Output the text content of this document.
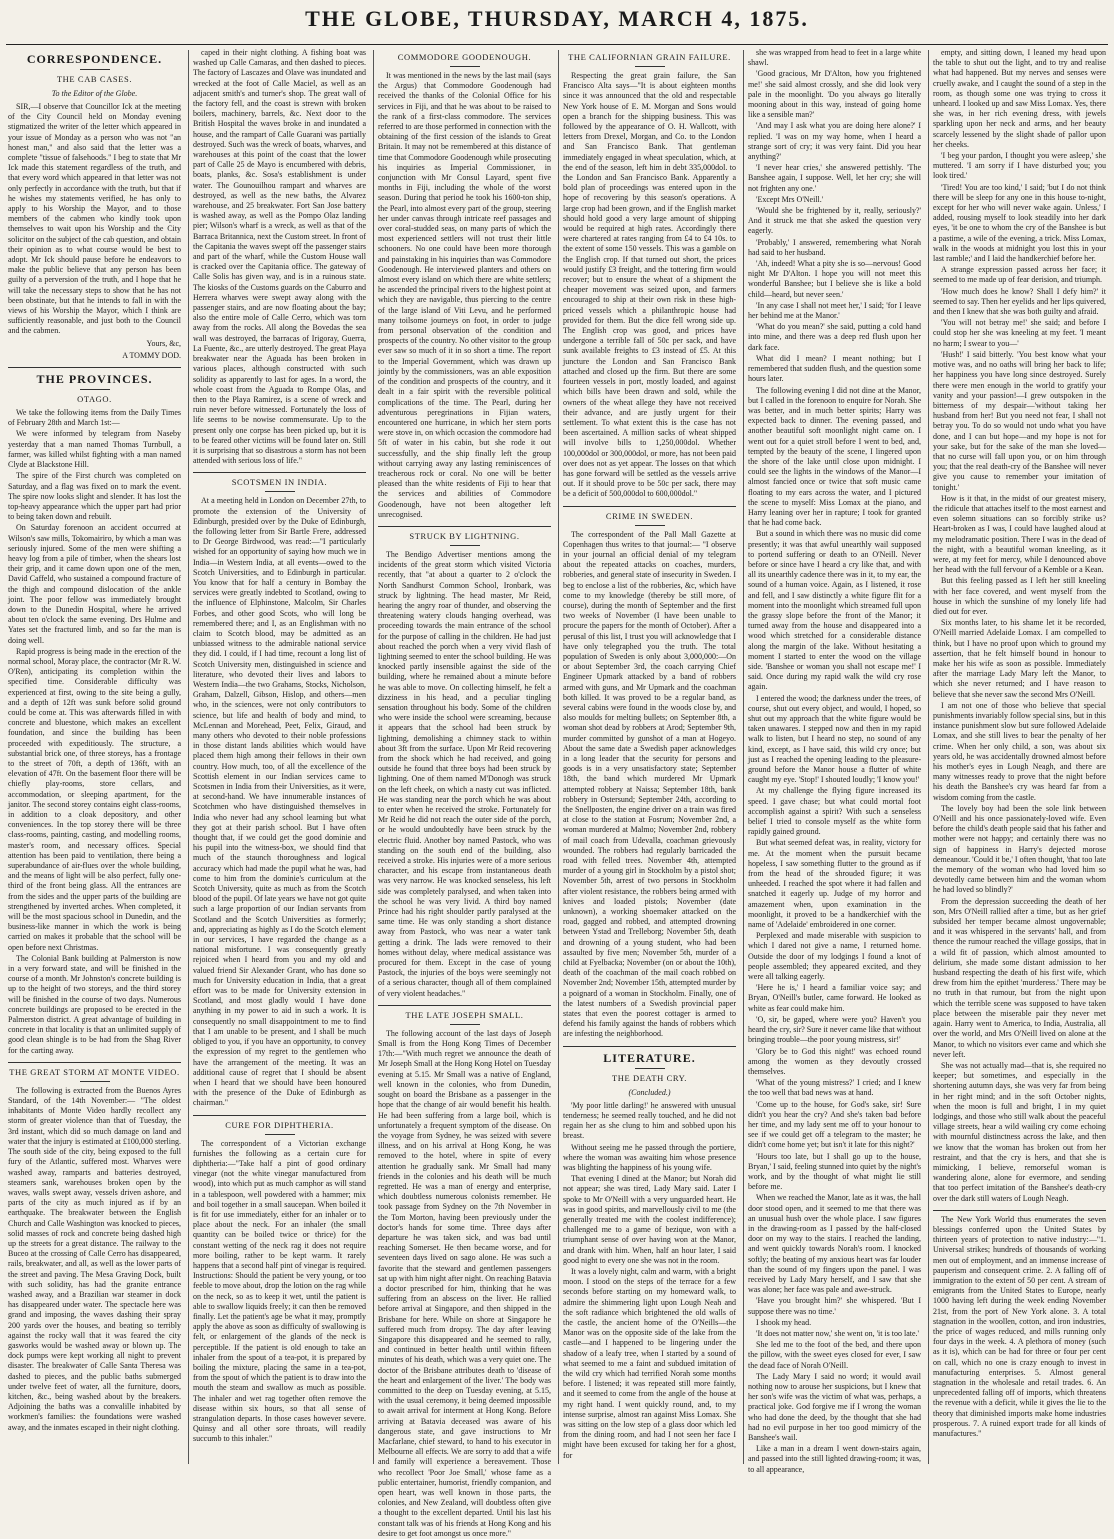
THE GLOBE, THURSDAY, MARCH 4, 1875.
CORRESPONDENCE.
THE CAB CASES.
To the Editor of the Globe.

SIR,—I observe that Councillor Ick at the meeting of the City Council held on Monday evening stigmatized the writer of the letter which appeared in your issue of Monday as a person who was not "an honest man," and also said that the letter was a complete "tissue of falsehoods." I beg to state that Mr Ick made this statement regardless of the truth, and that every word which appeared in that letter was not only perfectly in accordance with the truth, but that if he wishes my statements verified, he has only to apply to his Worship the Mayor, and to those members of the cabmen who kindly took upon themselves to wait upon his Worship and the City solicitor on the subject of the cab question, and obtain their opinion as to what course would be best to adopt. Mr Ick should pause before he endeavors to make the public believe that any person has been guilty of a perversion of the truth, and I hope that he will take the necessary steps to show that he has not been obstinate, but that he intends to fall in with the views of his Worship the Mayor, which I think are sufficiently reasonable, and just both to the Council and the cabmen.

Yours, &c,

A TOMMY DOD.

THE PROVINCES.
OTAGO.

We take the following items from the Daily Times of February 28th and March 1st:—

We were informed by telegram from Naseby yesterday that a man named Thomas Turnbull, a farmer, was killed whilst fighting with a man named Clyde at Blackstone Hill.

The spire of the First church was completed on Saturday, and a flag was fixed on to mark the event. The spire now looks slight and slender. It has lost the top-heavy appearance which the upper part had prior to being taken down and rebuilt.

On Saturday forenoon an accident occurred at Wilson's saw mills, Tokomairiro, by which a man was seriously injured. Some of the men were shifting a heavy log from a pile of timber, when the shears lost their grip, and it came down upon one of the men, David Caffeld, who sustained a compound fracture of the thigh and compound dislocation of the ankle joint. The poor fellow was immediately brought down to the Dunedin Hospital, where he arrived about ten o'clock the same evening. Drs Hulme and Yates set the fractured limb, and so far the man is doing well.

Rapid progress is being made in the erection of the normal school, Moray place, the contractor (Mr R. W. O'Ren), anticipating its completion within the specified time. Considerable difficulty was experienced at first, owing to the site being a gully, and a depth of 12ft was sunk before solid ground could be come at. This was afterwards filled in with concrete and bluestone, which makes an excellent foundation, and since the building has been proceeded with expeditiously. The structure, a substantial brick one, of three storeys, has a frontage to the street of 70ft, a depth of 136ft, with an elevation of 47ft. On the basement floor there will be chiefly play-rooms, store cellars, and accommodation, or sleeping apartment, for the janitor. The second storey contains eight class-rooms, in addition to a cloak depository, and other conveniences. In the top storey there will be three class-rooms, painting, casting, and modelling rooms, master's room, and necessary offices. Special attention has been paid to ventilation, there being a superabundance of air-flues over the whole building, and the means of light will be also perfect, fully one-third of the front being glass. All the entrances are from the sides and the upper parts of the building are strengthened by inverted arches. When completed, it will be the most spacious school in Dunedin, and the business-like manner in which the work is being carried on makes it probable that the school will be open before next Christmas.

The Colonial Bank building at Palmerston is now in a very forward state, and will be finished in the course of a month. Mr Johnston's concrete building is up to the height of two storeys, and the third storey will be finished in the course of two days. Numerous concrete buildings are proposed to be erected in the Palmerston district. A great advantage of building in concrete in that locality is that an unlimited supply of good clean shingle is to be had from the Shag River for the carting away.

THE GREAT STORM AT MONTE VIDEO.

The following is extracted from the Buenos Ayres Standard, of the 14th November:— "The oldest inhabitants of Monte Video hardly recollect any storm of greater violence than that of Tuesday, the 3rd instant, which did so much damage on land and water that the injury is estimated at £100,000 sterling. The south side of the city, being exposed to the full fury of the Atlantic, suffered most. Wharves were washed away, ramparts and batteries destroyed, steamers sank, warehouses broken open by the waves, walls swept away, vessels driven ashore, and parts of the city as much injured as if by an earthquake. The breakwater between the English Church and Calle Washington was knocked to pieces, solid masses of rock and concrete being dashed high up the streets for a great distance. The railway to the Buceo at the crossing of Calle Cerro has disappeared, rails, breakwater, and all, as well as the lower parts of the street and paving. The Mesa Graving Dock, built with such solidity, has had the granite entrance washed away, and a Brazilian war steamer in dock has disappeared under water. The spectacle here was grand and imposing, the waves dashing their spray 200 yards over the houses, and beating so terribly against the rocky wall that it was feared the city gasworks would be washed away or blown up. The dock pumps were kept working all night to prevent disaster. The breakwater of Calle Santa Theresa was dashed to pieces, and the public baths submerged under twelve feet of water, all the furniture, doors, kitchen, &c., being washed about by the breakers. Adjoining the baths was a convalille inhabited by workmen's families: the foundations were washed away, and the inmates escaped in their night clothing.

caped in their night clothing. A fishing boat was washed up Calle Camaras, and then dashed to pieces. The factory of Lascazes and Olave was inundated and wrecked at the foot of Calle Maciel, as well as an adjacent smith's and turner's shop. The great wall of the factory fell, and the coast is strewn with broken boilers, machinery, barrels, &c. Next door to the British Hospital the waves broke in and inundated a house, and the rampart of Calle Guarani was partially destroyed. Such was the wreck of boats, wharves, and warehouses at this point of the coast that the lower part of Calle 25 de Mayo is encumbered with debris, boats, planks, &c. Sosa's establishment is under water. The Gounouilhou rampart and wharves are destroyed, as well as the new baths, the Alvarez warehouse, and 25 breakwater. Fort San Jose battery is washed away, as well as the Pompo Olaz landing pier; Wilson's wharf is a wreck, as well as that of the Barraca Britannica, next the Custom street. In front of the Capitania the waves swept off the passenger stairs and part of the wharf, while the Custom House wall is cracked over the Capitania office. The gateway of Calle Solis has given way, and is in a ruinous state. The kiosks of the Customs guards on the Caburro and Herrera wharves were swept away along with the passenger stairs, and are now floating about the bay; also the entire mole of Calle Cerro, which was torn away from the rocks. All along the Bovedas the sea wall was destroyed, the barracas of Irigoray, Guerra, La Fuente, &c., are utterly destroyed. The great Playa breakwater near the Aguada has been broken in various places, although constructed with such solidity as apparently to last for ages. In a word, the whole coast from the Aguada to Rompe Olas, and then to the Playa Ramirez, is a scene of wreck and ruin never before witnessed. Fortunately the loss of life seems to be nowise commensurate. Up to the present only one corpse has been picked up, but it is to be feared other victims will be found later on. Still it is surprising that so disastrous a storm has not been attended with serious loss of life."

SCOTSMEN IN INDIA.

At a meeting held in London on December 27th, to promote the extension of the University of Edinburgh, presided over by the Duke of Edinburgh, the following letter from Sir Bartle Frere, addressed to Dr George Birdwood, was read:—"I particularly wished for an opportunity of saying how much we in India—in Western India, at all events—owed to the Scotch Universities, and to Edinburgh in particular. You know that for half a century in Bombay the services were greatly indebted to Scotland, owing to the influence of Elphinstone, Malcolm, Sir Charles Forbes, and other good Scots, who will long be remembered there; and I, as an Englishman with no claim to Scotch blood, may be admitted as an unbiassed witness to the admirable national service they did. I could, if I had time, recount a long list of Scotch University men, distinguished in science and literature, who devoted their lives and labors to Western India—the two Grahams, Stocks, Nicholson, Graham, Dalzell, Gibson, Hislop, and others—men who, in the sciences, were not only contributors to science, but life and health of body and mind, to McLennan and Morehead, Peet, Felix, Giraud, and many others who devoted to their noble professions in those distant lands abilities which would have placed them high among their fellows in their own country. How much, too, of all the excellence of the Scottish element in our Indian services came to Scotsmen in India from their Universities, as it were, at second-hand. We have innumerable instances of Scotchmen who have distinguished themselves in India who never had any school learning but what they got at their parish school. But I have often thought that, if we could get the good dominie and his pupil into the witness-box, we should find that much of the staunch thoroughness and logical accuracy which had made the pupil what he was, had come to him from the dominie's curriculum at the Scotch University, quite as much as from the Scotch blood of the pupil. Of late years we have not got quite such a large proportion of our Indian servants from Scotland and the Scotch Universities as formerly; and, appreciating as highly as I do the Scotch element in our services, I have regarded the change as a national misfortune. I was consequently greatly rejoiced when I heard from you and my old and valued friend Sir Alexander Grant, who has done so much for University education in India, that a great effort was to be made for University extension in Scotland, and most gladly would I have done anything in my power to aid in such a work. It is consequently no small disappointment to me to find that I am unable to be present, and I shall be much obliged to you, if you have an opportunity, to convey the expression of my regret to the gentlemen who have the arrangement of the meeting. It was an additional cause of regret that I should be absent when I heard that we should have been honoured with the presence of the Duke of Edinburgh as chairman."

CURE FOR DIPHTHERIA.

The correspondent of a Victorian exchange furnishes the following as a certain cure for diphtheria:—"Take half a pint of good ordinary vinegar (not the white vinegar manufactured from wood), into which put as much camphor as will stand in a tablespoon, well powdered with a hammer; mix and boil together in a small saucepan. When boiled it is fit for use immediately, either for an inhaler or to place about the neck. For an inhaler (the small quantity can be boiled twice or thrice) for the constant wetting of the neck rag it does not require more boiling, rather to be kept warm. It rarely happens that a second half pint of vinegar is required. Instructions: Should the patient be very young, or too feeble to move about, drop the lotion on the rag while on the neck, so as to keep it wet, until the patient is able to swallow liquids freely; it can then be removed finally. Let the patient's age be what it may, promptly apply the above as soon as difficulty of swallowing is felt, or enlargement of the glands of the neck is perceptible. If the patient is old enough to take an inhaler from the spout of a tea-pot, it is prepared by boiling the mixture, placing the same in a tea-pot, from the spout of which the patient is to draw into the mouth the steam and swallow as much as possible. The inhaler and wet rag together often remove the disease within six hours, so that all sense of strangulation departs. In those cases however severe. Quinsy and all other sore throats, will readily succumb to this inhaler."

COMMODORE GOODENOUGH.

It was mentioned in the news by the last mail (says the Argus) that Commodore Goodenough had received the thanks of the Colonial Office for his services in Fiji, and that he was about to be raised to the rank of a first-class commodore. The services referred to are those performed in connection with the obtaining of the first cession of the islands to Great Britain. It may not be remembered at this distance of time that Commodore Goodenough while prosecuting his inquiries as Imperial Commissioner, in conjunction with Mr Consul Layard, spent five months in Fiji, including the whole of the worst season. During that period he took his 1600-ton ship, the Pearl, into almost every part of the group, steering her under canvas through intricate reef passages and over coral-studded seas, on many parts of which the most experienced settlers will not trust their little schooners. No one could have been more thorough and painstaking in his inquiries than was Commodore Goodenough. He interviewed planters and others on almost every island on which there are white settlers; he ascended the principal rivers to the highest point at which they are navigable, thus piercing to the centre of the large island of Viti Levu, and he performed many toilsome journeys on foot, in order to judge from personal observation of the condition and prospects of the country. No other visitor to the group ever saw so much of it in so short a time. The report to the Imperial Government, which was drawn up jointly by the commissioners, was an able exposition of the condition and prospects of the country, and it dealt in a fair spirit with the reversible political complications of the time. The Pearl, during her adventurous peregrinations in Fijian waters, encountered one hurricane, in which her stern ports were stove in, on which occasion the commodore had 5ft of water in his cabin, but she rode it out successfully, and the ship finally left the group without carrying away any lasting reminiscences of treacherous rock or coral. No one will be better pleased than the white residents of Fiji to hear that the services and abilities of Commodore Goodenough, have not been altogether left unrecognised.

STRUCK BY LIGHTNING.

The Bendigo Advertiser mentions among the incidents of the great storm which visited Victoria recently, that "at about a quarter to 2 o'clock the North Sandhurst Common School, Ironbark, was struck by lightning. The head master, Mr Reid, hearing the angry roar of thunder, and observing the threatening watery clouds hanging overhead, was proceeding towards the main entrance of the school for the purpose of calling in the children. He had just about reached the porch when a very vivid flash of lightning seemed to enter the school building. He was knocked partly insensible against the side of the building, where he remained about a minute before he was able to move. On collecting himself, he felt a dizziness in his head, and a peculiar tingling sensation throughout his body. Some of the children who were inside the school were screaming, because it appears that the school had been struck by lightning, demolishing a chimney stack to within about 3ft from the surface. Upon Mr Reid recovering from the shock which he had received, and going outside he found that three boys had been struck by lightning. One of them named M'Donogh was struck on the left cheek, on which a nasty cut was inflicted. He was standing near the porch which he was about to enter when he received the stroke. Fortunately for Mr Reid he did not reach the outer side of the porch, or he would undoubtedly have been struck by the electric fluid. Another boy named Pastock, who was standing on the south end of the building, also received a stroke. His injuries were of a more serious character, and his escape from instantaneous death was very narrow. He was knocked senseless, his left side was completely paralysed, and when taken into the school he was very livid. A third boy named Prince had his right shoulder partly paralysed at the same time. He was only standing a short distance away from Pastock, who was near a water tank getting a drink. The lads were removed to their homes without delay, where medical assistance was procured for them. Except in the case of young Pastock, the injuries of the boys were seemingly not of a serious character, though all of them complained of very violent headaches."

THE LATE JOSEPH SMALL.

The following account of the last days of Joseph Small is from the Hong Kong Times of December 17th:—"With much regret we announce the death of Mr Joseph Small at the Hong Kong Hotel on Tuesday evening at 5.15. Mr Small was a native of England, well known in the colonies, who from Dunedin, sought on board the Brisbane as a passenger in the hope that the change of air would benefit his health. He had been suffering from a large boil, which is unfortunately a frequent symptom of the disease. On the voyage from Sydney, he was seized with severe illness, and on his arrival at Hong Kong, he was removed to the hotel, where in spite of every attention he gradually sank. Mr Small had many friends in the colonies and his death will be much regretted. He was a man of energy and enterprise, which doubtless numerous colonists remember. He took passage from Sydney on the 7th November in the Tom Morton, having been previously under the doctor's hands for some time. Three days after departure he was taken sick, and was bad until reaching Somerset. He then became worse, and for seventeen days lived on sago alone. He was such a favorite that the steward and gentlemen passengers sat up with him night after night. On reaching Batavia a doctor prescribed for him, thinking that he was suffering from an abscess on the liver. He rallied before arrival at Singapore, and then shipped in the Brisbane for here. While on shore at Singapore he suffered much from dropsy. The day after leaving Singapore this disappeared and he seemed to rally, and continued in better health until within fifteen minutes of his death, which was a very quiet one. The doctor of the Brisbane attributes death to 'disease of the heart and enlargement of the liver.' The body was committed to the deep on Tuesday evening, at 5.15, with the usual ceremony, it being deemed impossible to await arrival for interment at Hong Kong. Before arriving at Batavia deceased was aware of his dangerous state, and gave instructions to Mr Macfarlane, chief steward, to hand to his executor in Melbourne all effects. We are sorry to add that a wife and family will experience a bereavement. Those who recollect 'Poor Joe Small,' whose fame as a public entertainer, humorist, friendly companion, and open heart, was well known in those parts, the colonies, and New Zealand, will doubtless often give a thought to the excellent departed. Until his last his constant talk was of his friends at Hong Kong and his desire to get foot amongst us once more."

THE CALIFORNIAN GRAIN FAILURE.

Respecting the great grain failure, the San Francisco Alta says—"It is about eighteen months since it was announced that the old and respectable New York house of E. M. Morgan and Sons would open a branch for the shipping business. This was followed by the appearance of O. H. Wallcott, with letters from Drexel, Morgan, and Co. to the London and San Francisco Bank. That gentleman immediately engaged in wheat speculation, which, at the end of the season, left him in debt 335,000dol. to the London and San Francisco Bank. Apparently a bold plan of proceedings was entered upon in the hope of recovering by this season's operations. A large crop had been grown, and if the English market should hold good a very large amount of shipping would be required at high rates. Accordingly there were chartered at rates ranging from £4 to £4 10s. to the extent of some 150 vessels. This was a gamble on the English crop. If that turned out short, the prices would justify £3 freight, and the tottering firm would recover; but to ensure the wheat of a shipment the cheaper movement was seized upon, and farmers encouraged to ship at their own risk in these high-priced vessels which a philanthropic house had provided for them. But the dice fell wrong side up. The English crop was good, and prices have undergone a terrible fall of 50c per sack, and have sunk available freights to £3 instead of £5. At this juncture the London and San Francisco Bank attached and closed up the firm. But there are some fourteen vessels in port, mostly loaded, and against which bills have been drawn and sold, while the owners of the wheat allege they have not received their advance, and are justly urgent for their settlement. To what extent this is the case has not been ascertained. A million sacks of wheat shipped will involve bills to 1,250,000dol. Whether 100,000dol or 300,000dol, or more, has not been paid over does not as yet appear. The losses on that which has gone forward will be settled as the vessels arrive out. If it should prove to be 50c per sack, there may be a deficit of 500,000dol to 600,000dol."

CRIME IN SWEDEN.

The correspondent of the Pall Mall Gazette at Copenhagen thus writes to that journal:— "I observe in your journal an official denial of my telegram about the repeated attacks on coaches, murders, robberies, and general state of insecurity in Sweden. I beg to enclose a list of the robberies, &c, which have come to my knowledge (thereby be still more, of course), during the month of September and the first two weeks of November (I have been unable to procure the papers for the month of October). After a perusal of this list, I trust you will acknowledge that I have only telegraphed you the truth. The total population of Sweden is only about 3,000,000:—On or about September 3rd, the coach carrying Chief Engineer Upmark attacked by a band of robbers armed with guns, and Mr Upmark and the coachman both killed. It was proved to be a regular band, as several cabins were found in the woods close by, and also moulds for melting bullets; on September 8th, a woman shot dead by robbers at Arod; September 9th, murder committed by gunshot of a man at Hogeyo. About the same date a Swedish paper acknowledges in a long leader that the security for persons and goods is in a very unsatisfactory state; September 18th, the band which murdered Mr Upmark attempted robbery at Naissa; September 18th, bank robbery in Ostersund; September 24th, according to the Snellposten, the engine driver on a train was fired at close to the station at Fosrum; November 2nd, a woman murdered at Malmo; November 2nd, robbery of mail coach from Udevalla, coachman grievously wounded. The robbers had regularly barricaded the road with felled trees. November 4th, attempted murder of a young girl in Stockholm by a pistol shot; November 5th, arrest of two persons in Stockholm after violent resistance, the robbers being armed with knives and loaded pistols; November (date unknown), a working shoemaker attacked on the road, gagged and robbed, and attempted drowning between Ystad and Trelleborg; November 5th, death and drowning of a young student, who had been assaulted by five men; November 5th, murder of a child at Fyelbacka; November (on or about the 10th), death of the coachman of the mail coach robbed on November 2nd; November 15th, attempted murder by a poignard of a woman in Stockholm. Finally, one of the latest numbers of a Swedish provincial paper states that even the poorest cottager is armed to defend his family against the hands of robbers which are infesting the neighborhood.

LITERATURE.
THE DEATH CRY.
(Concluded.)

'My poor little darling!' he answered with unusual tenderness; he seemed really touched, and he did not regain her as she clung to him and sobbed upon his breast.

Without seeing me he passed through the portiere, where the woman was awaiting him whose presence was blighting the happiness of his young wife.

That evening I dined at the Manor; but Norah did not appear; she was tired, Lady Mary said. Later I spoke to Mr O'Neill with a very unguarded heart. He was in good spirits, and marvellously civil to me (the generally treated me with the coolest indifference); challenged me to a game of bezique, won with a triumphant sense of over having won at the Manor, and drank with him. When, half an hour later, I said good night to every one she was not in the room.

It was a lovely night, calm and warm, with a bright moon. I stood on the steps of the terrace for a few seconds before starting on my homeward walk, to admire the shimmering light upon Lough Neah and the soft radiance which brightened the old walls of the castle, the ancient home of the O'Neills—the Manor was on the opposite side of the lake from the castle—and I happened to be lingering under the shadow of a leafy tree, when I started by a sound of what seemed to me a faint and subdued imitation of the wild cry which had terrified Norah some months before. I listened; it was repeated still more faintly, and it seemed to come from the angle of the house at my right hand. I went quickly round, and, to my intense surprise, almost ran against Miss Lomax. She was sitting on the low step of a glass door which led from the dining room, and had I not seen her face I might have been excused for taking her for a ghost, for

she was wrapped from head to feet in a large white shawl.

'Good gracious, Mr D'Alton, how you frightened me!' she said almost crossly, and she did look very pale in the moonlight. 'Do you always go literally mooning about in this way, instead of going home like a sensible man?'

'And may I ask what you are doing here alone?' I replied. 'I was on my way home, when I heard a strange sort of cry; it was very faint. Did you hear anything?'

'I never hear cries,' she answered pettishly. 'The Banshee again, I suppose. Well, let her cry; she will not frighten any one.'

'Except Mrs O'Neill.'

'Would she be frightened by it, really, seriously?' And it struck me that she asked the question very eagerly.

'Probably,' I answered, remembering what Norah had said to her husband.

'Ah, indeed! What a pity she is so—nervous! Good night Mr D'Alton. I hope you will not meet this wonderful Banshee; but I believe she is like a bold child—heard, but never seen.'

'In any case I shall not meet her,' I said; 'for I leave her behind me at the Manor.'

'What do you mean?' she said, putting a cold hand into mine, and there was a deep red flush upon her dark face.

What did I mean? I meant nothing; but I remembered that sudden flush, and the question some hours later.

The following evening I did not dine at the Manor, but I called in the forenoon to enquire for Norah. She was better, and in much better spirits; Harry was expected back to dinner. The evening passed, and another beautiful soft moonlight night came on. I went out for a quiet stroll before I went to bed, and, tempted by the beauty of the scene, I lingered upon the shore of the lake until close upon midnight. I could see the lights in the windows of the Manor—I almost fancied once or twice that soft music came floating to my ears across the water, and I pictured the scene to myself: Miss Lomax at the piano, and Harry leaning over her in rapture; I took for granted that he had come back.

But a sound in which there was no music did come presently; it was that awful unearthly wail supposed to portend suffering or death to an O'Neill. Never before or since have I heard a cry like that, and with all its unearthly cadence there was in it, to my ear, the sound of a human voice. Again, as I listened, it rose and fell, and I saw distinctly a white figure flit for a moment into the moonlight which streamed full upon the grassy slope before the front of the Manor; it turned away from the house and disappeared into a wood which stretched for a considerable distance along the margin of the lake. Without hesitating a moment I started to enter the wood on the village side. 'Banshee or woman you shall not escape me!' I said. Once during my rapid walk the wild cry rose again.

I entered the wood; the darkness under the trees, of course, shut out every object, and would, I hoped, so shut out my approach that the white figure would be taken unawares. I stepped now and then in my rapid walk to listen, but I heard no step, no sound of any kind, except, as I have said, this wild cry once; but just as I reached the opening leading to the pleasure-ground before the Manor house a flutter of white caught my eye. 'Stop!' I shouted loudly; 'I know you!'

At my challenge the flying figure increased its speed. I gave chase; but what could mortal foot accomplish against a spirit? With such a senseless belief I tried to console myself as the white form rapidly gained ground.

But what seemed defeat was, in reality, victory for me. At the moment when the pursuit became hopeless, I saw something flutter to the ground as if from the head of the shrouded figure; it was unheeded. I reached the spot where it had fallen and snatched it eagerly up. Judge of my horror and amazement when, upon examination in the moonlight, it proved to be a handkerchief with the name of 'Adelaide' embroidered in one corner.

Perplexed and made miserable with suspicion to which I dared not give a name, I returned home. Outside the door of my lodgings I found a knot of people assembled; they appeared excited, and they were all talking eagerly.

'Here he is,' I heard a familiar voice say; and Bryan, O'Neill's butler, came forward. He looked as white as fear could make him.

'O, sir, be gaped, where were you? Haven't you heard the cry, sir? Sure it never came like that without bringing trouble—the poor young mistress, sir!'

'Glory be to God this night!' was echoed round among the women as they devoutly crossed themselves.

'What of the young mistress?' I cried; and I knew the too well that bad news was at hand.

'Come up to the house, for God's sake, sir! Sure didn't you hear the cry? And she's taken bad before her time, and my lady sent me off to your honour to see if we could get off a telegram to the master; he didn't come home yet; but isn't it late for this night?'

'Hours too late, but I shall go up to the house, Bryan,' I said, feeling stunned into quiet by the night's work, and by the thought of what might lie still before me.

When we reached the Manor, late as it was, the hall door stood open, and it seemed to me that there was an unusual hush over the whole place. I saw figures in the drawing-room as I passed by the half-closed door on my way to the stairs. I reached the landing, and went quickly towards Norah's room. I knocked softly; the beating of my anxious heart was far louder than the sound of my fingers upon the panel. I was received by Lady Mary herself, and I saw that she was alone; her face was pale and awe-struck.

'Have you brought him?' she whispered. 'But I suppose there was no time.'

I shook my head.

'It does not matter now,' she went on, 'it is too late.'

She led me to the foot of the bed, and there upon the pillow, with the sweet eyes closed for ever, I saw the dead face of Norah O'Neill.

The Lady Mary I said no word; it would avail nothing now to arouse her suspicions, but I knew that her son's wife was the victim of what was, perhaps, a practical joke. God forgive me if I wrong the woman who had done the deed, by the thought that she had had no evil purpose in her too good mimicry of the Banshee's wail.

Like a man in a dream I went down-stairs again, and passed into the still lighted drawing-room; it was, to all appearance,

empty, and sitting down, I leaned my head upon the table to shut out the light, and to try and realise what had happened. But my nerves and senses were cruelly awake, and I caught the sound of a step in the room, as though some one was trying to cross it unheard. I looked up and saw Miss Lomax. Yes, there she was, in her rich evening dress, with jewels sparkling upon her neck and arms, and her beauty scarcely lessened by the slight shade of pallor upon her cheeks.

'I beg your pardon, I thought you were asleep,' she muttered. 'I am sorry if I have disturbed you; you look tired.'

'Tired! You are too kind,' I said; 'but I do not think there will be sleep for any one in this house to-night, except for her who will never wake again. Unless,' I added, rousing myself to look steadily into her dark eyes, 'it be one to whom the cry of the Banshee is but a pastime, a wile of the evening, a trick. Miss Lomax, walk in the woods at midnight you lost this in your last ramble;' and I laid the handkerchief before her.

A strange expression passed across her face; it seemed to me made up of fear derision, and triumph.

'How much does he know? Shall I defy him?' it seemed to say. Then her eyelids and her lips quivered, and then I knew that she was both guilty and afraid.

'You will not betray me!' she said; and before I could stop her she was kneeling at my feet. 'I meant no harm; I swear to you—'

'Hush!' I said bitterly. 'You best know what your motive was, and no oaths will bring her back to life; her happiness you have long since destroyed. Surely there were men enough in the world to gratify your vanity and your passion!—I grew outspoken in the bitterness of my despair—'without taking her husband from her! But you need not fear, I shall not betray you. To do so would not undo what you have done, and I can but hope—and my hope is not for your sake, but for the sake of the man she loved—that no curse will fall upon you, or on him through you; that the real death-cry of the Banshee will never give you cause to remember your imitation of tonight.'

How is it that, in the midst of our greatest misery, the ridicule that attaches itself to the most earnest and even solemn situations can so forcibly strike us? Heart-broken as I was, I could have laughed aloud at my melodramatic position. There I was in the dead of the night, with a beautiful woman kneeling, as it were, at my feet for mercy, while I denounced above her head with the full fervour of a Kemble or a Kean.

But this feeling passed as I left her still kneeling with her face covered, and went myself from the house in which the sunshine of my lonely life had died out for ever.

Six months later, to his shame let it be recorded, O'Neill married Adelaide Lomax. I am compelled to think, but I have no proof upon which to ground my assertion, that he felt himself bound in honour to make her his wife as soon as possible. Immediately after the marriage Lady Mary left the Manor, to which she never returned; and I have reason to believe that she never saw the second Mrs O'Neill.

I am not one of those who believe that special punishments invariably follow special sins, but in this instance punishment slow but sure followed Adelaide Lomax, and she still lives to bear the penalty of her crime. When her only child, a son, was about six years old, he was accidentally drowned almost before his mother's eyes in Lough Neagh, and there are many witnesses ready to prove that the night before his death the Banshee's cry was heard far from a wisdom coming from the castle.

The lovely boy had been the sole link between O'Neill and his once passionately-loved wife. Even before the child's death people said that his father and mother were not happy; and certainly there was no sign of happiness in Harry's dejected morose demeanour. 'Could it be,' I often thought, 'that too late the memory of the woman who had loved him so devotedly came between him and the woman whom he had loved so blindly?'

From the depression succeeding the death of her son, Mrs O'Neill rallied after a time, but as her grief subsided her temper became almost ungovernable; and it was whispered in the servants' hall, and from thence the rumour reached the village gossips, that in a wild fit of passion, which almost amounted to delirium, she made some distant admission to her husband respecting the death of his first wife, which drew from him the epithet 'murderess.' There may be no truth in that rumour, but from the night upon which the terrible scene was supposed to have taken place between the miserable pair they never met again. Harry went to America, to India, Australia, all over the world, and Mrs O'Neill lived on alone at the Manor, to which no visitors ever came and which she never left.

She was not actually mad—that is, she required no keeper; but sometimes, and especially in the shortening autumn days, she was very far from being in her right mind; and in the soft October nights, when the moon is full and bright, I in my quiet lodgings, and those who still walk about the peaceful village streets, hear a wild wailing cry come echoing with mournful distinctness across the lake, and then we know that the woman has broken out from her restraint, and that the cry is hers, and that she is mimicking, I believe, remorseful woman is wandering alone, alone for evermore, and sending that too perfect imitation of the Banshee's death-cry over the dark still waters of Lough Neagh.

The New York World thus enumerates the seven blessings conferred upon the United States by thirteen years of protection to native industry:—"1. Universal strikes; hundreds of thousands of working men out of employment, and an immense increase of pauperism and consequent crime. 2. A falling off of immigration to the extent of 50 per cent. A stream of emigrants from the United States to Europe, nearly 1000 having left during the week ending November 21st, from the port of New York alone. 3. A total stagnation in the woollen, cotton, and iron industries, the price of wages reduced, and mills running only four days in the week. 4. A plethora of money (such as it is), which can be had for three or four per cent on call, which no one is crazy enough to invest in manufacturing enterprises. 5. Almost general stagnation in the wholesale and retail trades. 6. An unprecedented falling off of imports, which threatens the revenue with a deficit, while it gives the lie to the theory that diminished imports make home industries prosperous. 7. A ruined export trade for all kinds of manufactures."
